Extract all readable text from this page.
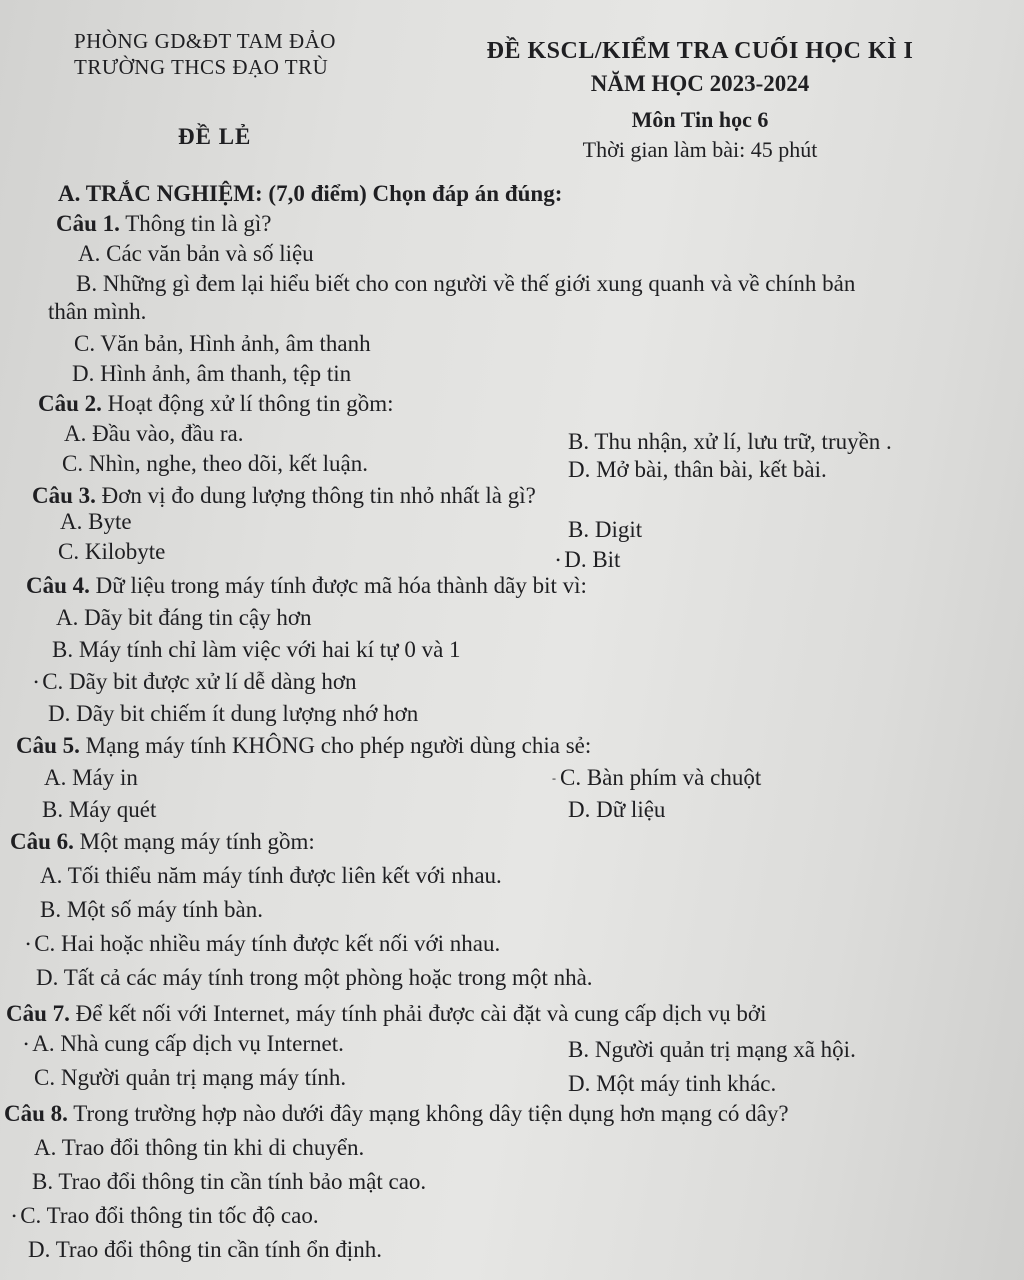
PHÒNG GD&ĐT TAM ĐẢO
TRƯỜNG THCS ĐẠO TRÙ
ĐỀ LẺ
ĐỀ KSCL/KIỂM TRA CUỐI HỌC KÌ I
NĂM HỌC 2023-2024
Môn Tin học 6
Thời gian làm bài: 45 phút
A. TRẮC NGHIỆM: (7,0 điểm) Chọn đáp án đúng:
Câu 1. Thông tin là gì?
A. Các văn bản và số liệu
B. Những gì đem lại hiểu biết cho con người về thế giới xung quanh và về chính bản
thân mình.
C. Văn bản, Hình ảnh, âm thanh
D. Hình ảnh, âm thanh, tệp tin
Câu 2. Hoạt động xử lí thông tin gồm:
A. Đầu vào, đầu ra.	B. Thu nhận, xử lí, lưu trữ, truyền .
C. Nhìn, nghe, theo dõi, kết luận.	D. Mở bài, thân bài, kết bài.
Câu 3. Đơn vị đo dung lượng thông tin nhỏ nhất là gì?
A. Byte	B. Digit
C. Kilobyte	• D. Bit
Câu 4. Dữ liệu trong máy tính được mã hóa thành dãy bit vì:
A. Dãy bit đáng tin cậy hơn
B. Máy tính chỉ làm việc với hai kí tự 0 và 1
• C. Dãy bit được xử lí dễ dàng hơn
D. Dãy bit chiếm ít dung lượng nhớ hơn
Câu 5. Mạng máy tính KHÔNG cho phép người dùng chia sẻ:
A. Máy in	- C. Bàn phím và chuột
B. Máy quét	D. Dữ liệu
Câu 6. Một mạng máy tính gồm:
A. Tối thiểu năm máy tính được liên kết với nhau.
B. Một số máy tính bàn.
• C. Hai hoặc nhiều máy tính được kết nối với nhau.
D. Tất cả các máy tính trong một phòng hoặc trong một nhà.
Câu 7. Để kết nối với Internet, máy tính phải được cài đặt và cung cấp dịch vụ bởi
• A. Nhà cung cấp dịch vụ Internet.	B. Người quản trị mạng xã hội.
C. Người quản trị mạng máy tính.	D. Một máy tinh khác.
Câu 8. Trong trường hợp nào dưới đây mạng không dây tiện dụng hơn mạng có dây?
A. Trao đổi thông tin khi di chuyển.
B. Trao đổi thông tin cần tính bảo mật cao.
• C. Trao đổi thông tin tốc độ cao.
D. Trao đổi thông tin cần tính ổn định.
